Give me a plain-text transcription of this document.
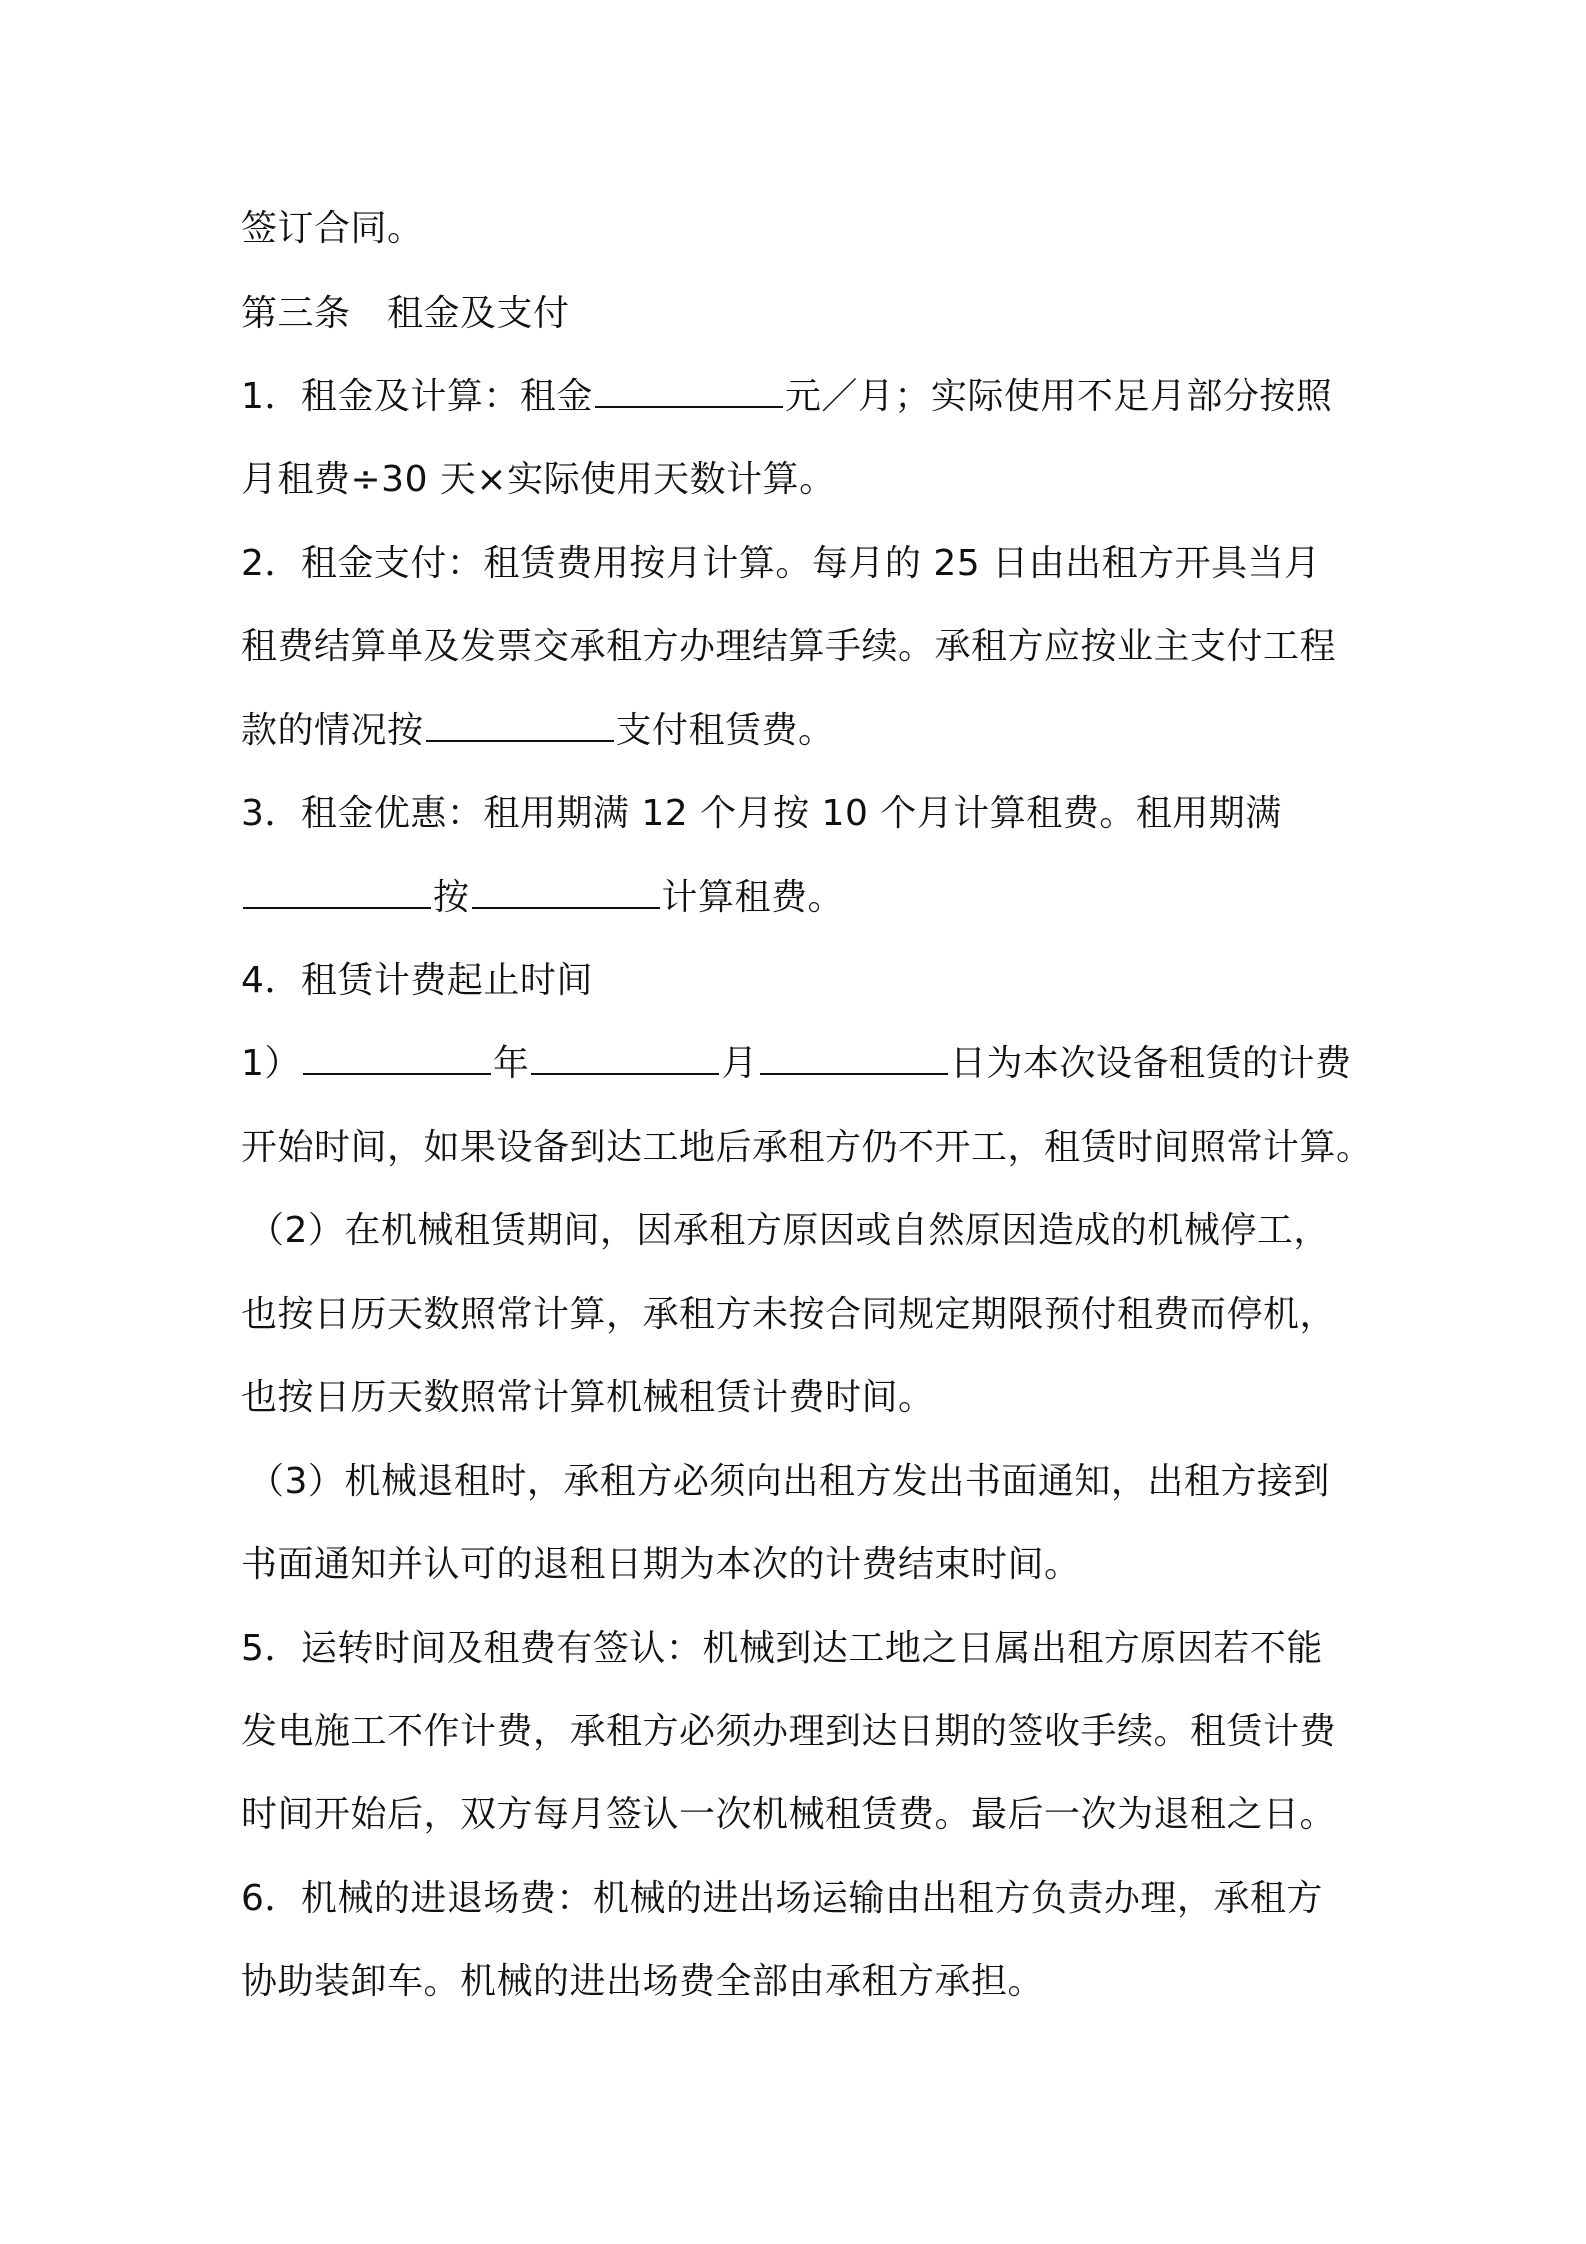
签订合同。
第三条　租金及支付
1．租金及计算：租金	元／月；实际使用不足月部分按照
月租费÷30 天×实际使用天数计算。
2．租金支付：租赁费用按月计算。每月的 25 日由出租方开具当月
租费结算单及发票交承租方办理结算手续。承租方应按业主支付工程
款的情况按	支付租赁费。
3．租金优惠：租用期满 12 个月按 10 个月计算租费。租用期满
按	计算租费。
4．租赁计费起止时间
1）	年	月	日为本次设备租赁的计费
开始时间，如果设备到达工地后承租方仍不开工，租赁时间照常计算。
（2）在机械租赁期间，因承租方原因或自然原因造成的机械停工，
也按日历天数照常计算，承租方未按合同规定期限预付租费而停机，
也按日历天数照常计算机械租赁计费时间。
（3）机械退租时，承租方必须向出租方发出书面通知，出租方接到
书面通知并认可的退租日期为本次的计费结束时间。
5．运转时间及租费有签认：机械到达工地之日属出租方原因若不能
发电施工不作计费，承租方必须办理到达日期的签收手续。租赁计费
时间开始后，双方每月签认一次机械租赁费。最后一次为退租之日。
6．机械的进退场费：机械的进出场运输由出租方负责办理，承租方
协助装卸车。机械的进出场费全部由承租方承担。
